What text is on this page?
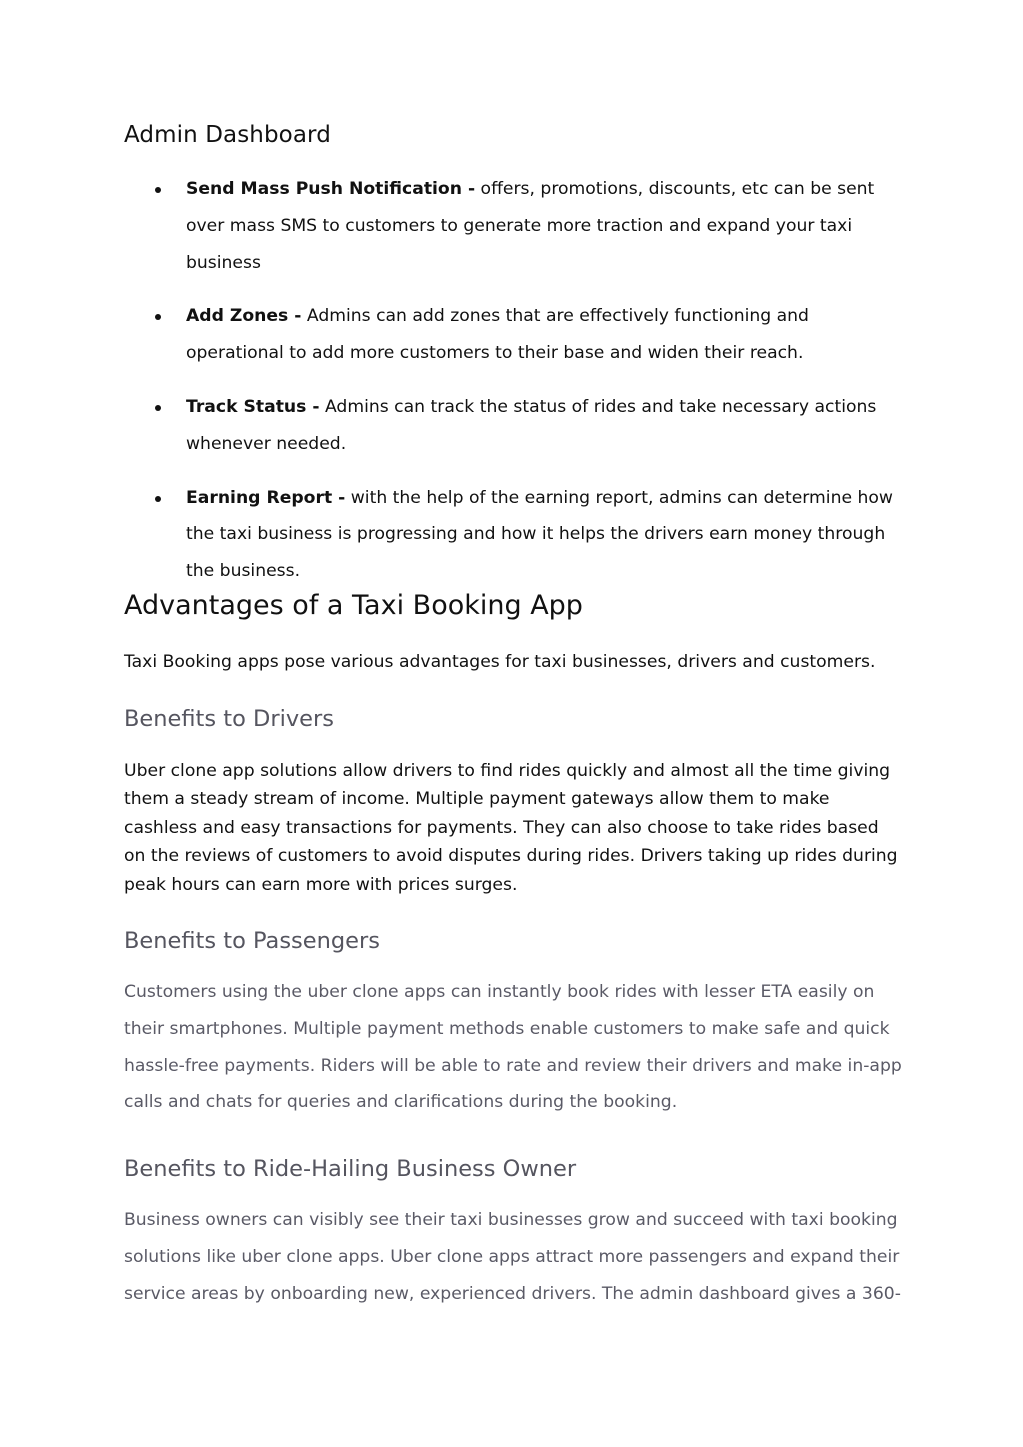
Admin Dashboard
Send Mass Push Notification - offers, promotions, discounts, etc can be sent over mass SMS to customers to generate more traction and expand your taxi business
Add Zones - Admins can add zones that are effectively functioning and operational to add more customers to their base and widen their reach.
Track Status - Admins can track the status of rides and take necessary actions whenever needed.
Earning Report - with the help of the earning report, admins can determine how the taxi business is progressing and how it helps the drivers earn money through the business.
Advantages of a Taxi Booking App

Taxi Booking apps pose various advantages for taxi businesses, drivers and customers.

Benefits to Drivers

Uber clone app solutions allow drivers to find rides quickly and almost all the time giving them a steady stream of income. Multiple payment gateways allow them to make cashless and easy transactions for payments. They can also choose to take rides based on the reviews of customers to avoid disputes during rides. Drivers taking up rides during peak hours can earn more with prices surges.

Benefits to Passengers

Customers using the uber clone apps can instantly book rides with lesser ETA easily on their smartphones. Multiple payment methods enable customers to make safe and quick hassle-free payments. Riders will be able to rate and review their drivers and make in-app calls and chats for queries and clarifications during the booking.

Benefits to Ride-Hailing Business Owner

Business owners can visibly see their taxi businesses grow and succeed with taxi booking solutions like uber clone apps. Uber clone apps attract more passengers and expand their service areas by onboarding new, experienced drivers. The admin dashboard gives a 360-
